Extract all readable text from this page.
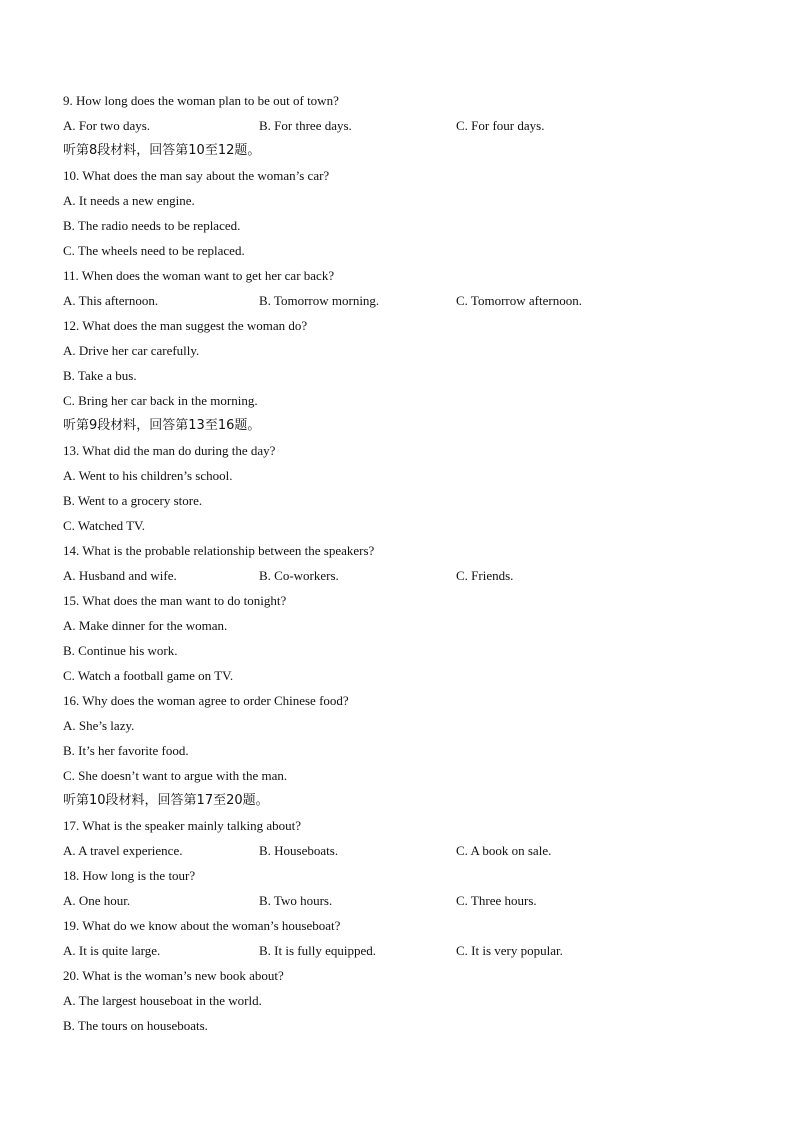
9. How long does the woman plan to be out of town?
A. For two days.	B. For three days.	C. For four days.
听第8段材料，回答第10至12题。
10. What does the man say about the woman’s car?
A. It needs a new engine.
B. The radio needs to be replaced.
C. The wheels need to be replaced.
11. When does the woman want to get her car back?
A. This afternoon.	B. Tomorrow morning.	C. Tomorrow afternoon.
12. What does the man suggest the woman do?
A. Drive her car carefully.
B. Take a bus.
C. Bring her car back in the morning.
听第9段材料，回答第13至16题。
13. What did the man do during the day?
A. Went to his children’s school.
B. Went to a grocery store.
C. Watched TV.
14. What is the probable relationship between the speakers?
A. Husband and wife.	B. Co-workers.	C. Friends.
15. What does the man want to do tonight?
A. Make dinner for the woman.
B. Continue his work.
C. Watch a football game on TV.
16. Why does the woman agree to order Chinese food?
A. She’s lazy.
B. It’s her favorite food.
C. She doesn’t want to argue with the man.
听第10段材料，回答第17至20题。
17. What is the speaker mainly talking about?
A. A travel experience.	B. Houseboats.	C. A book on sale.
18. How long is the tour?
A. One hour.	B. Two hours.	C. Three hours.
19. What do we know about the woman’s houseboat?
A. It is quite large.	B. It is fully equipped.	C. It is very popular.
20. What is the woman’s new book about?
A. The largest houseboat in the world.
B. The tours on houseboats.
